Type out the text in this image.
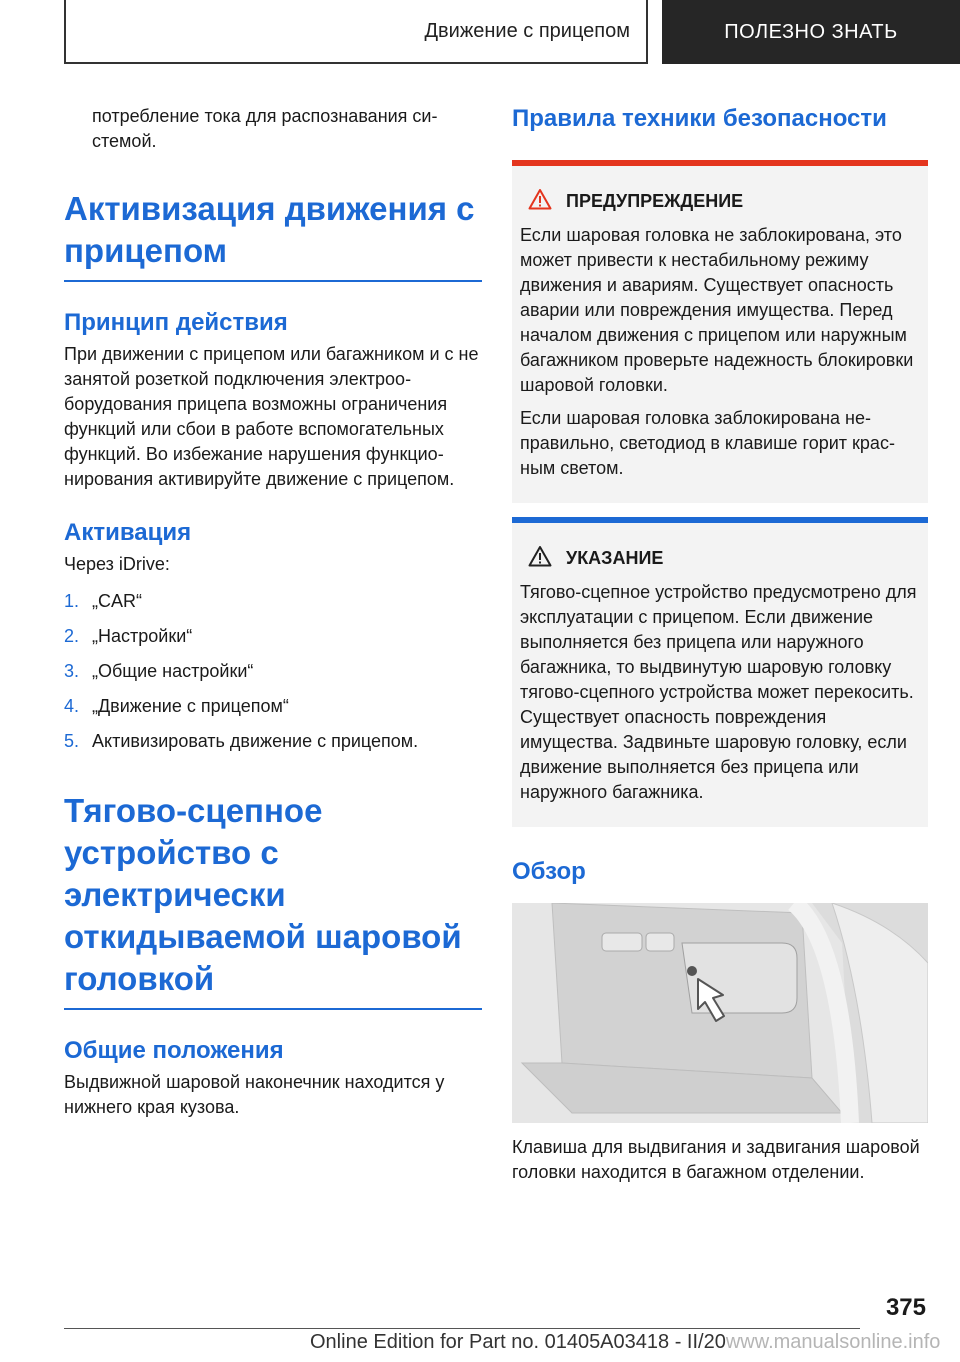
Движение с прицепом	ПОЛЕЗНО ЗНАТЬ

потребление тока для распознавания системой.

Активизация движения с прицепом
Принцип действия

При движении с прицепом или багажником и с не занятой розеткой подключения электрооборудования прицепа возможны ограничения функций или сбои в работе вспомогательных функций. Во избежание нарушения функционирования активируйте движение с прицепом.

Активация

Через iDrive:

1. „CAR“
2. „Настройки“
3. „Общие настройки“
4. „Движение с прицепом“
5. Активизировать движение с прицепом.
Тягово-сцепное устройство с электрически откидываемой шаровой головкой
Общие положения

Выдвижной шаровой наконечник находится у нижнего края кузова.

Правила техники безопасности
ПРЕДУПРЕЖДЕНИЕ

Если шаровая головка не заблокирована, это может привести к нестабильному режиму движения и авариям. Существует опасность аварии или повреждения имущества. Перед началом движения с прицепом или наружным багажником проверьте надежность блокировки шаровой головки.

Если шаровая головка заблокирована неправильно, светодиод в клавише горит красным светом.

УКАЗАНИЕ

Тягово-сцепное устройство предусмотрено для эксплуатации с прицепом. Если движение выполняется без прицепа или наружного багажника, то выдвинутую шаровую головку тягово-сцепного устройства может перекосить. Существует опасность повреждения имущества. Задвиньте шаровую головку, если движение выполняется без прицепа или наружного багажника.

Обзор

Клавиша для выдвигания и задвигания шаровой головки находится в багажном отделении.

375
Online Edition for Part no. 01405A03418 - II/20www.manualsonline.info
